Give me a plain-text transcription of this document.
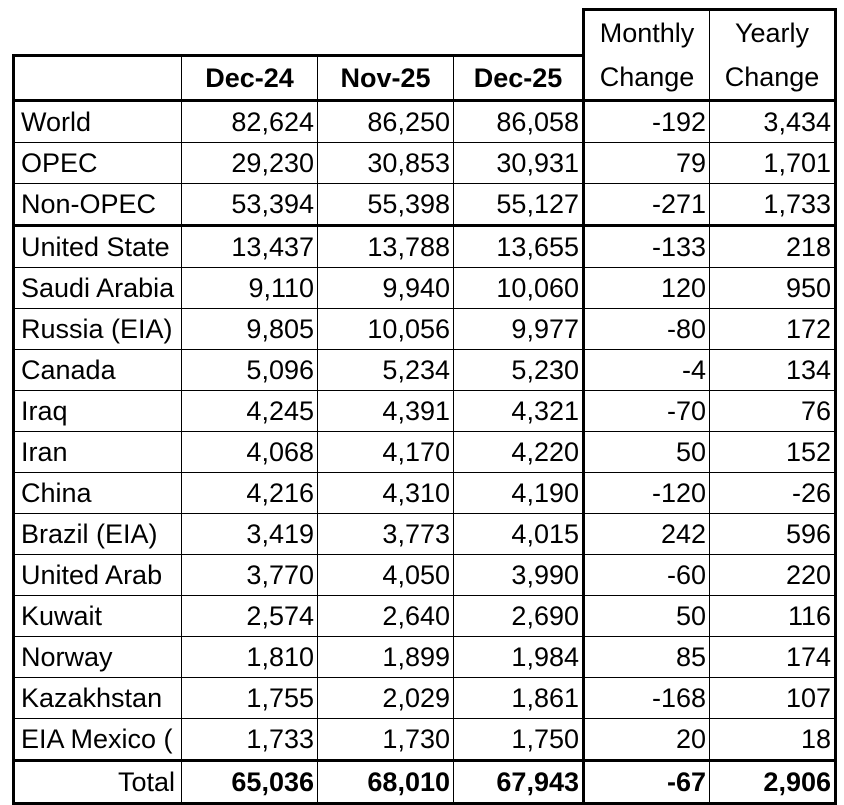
				Monthly	Yearly
	Dec-24	Nov-25	Dec-25	Change	Change
World	82,624	86,250	86,058	-192	3,434
OPEC	29,230	30,853	30,931	79	1,701
Non-OPEC	53,394	55,398	55,127	-271	1,733
United State	13,437	13,788	13,655	-133	218
Saudi Arabia	9,110	9,940	10,060	120	950
Russia (EIA)	9,805	10,056	9,977	-80	172
Canada	5,096	5,234	5,230	-4	134
Iraq	4,245	4,391	4,321	-70	76
Iran	4,068	4,170	4,220	50	152
China	4,216	4,310	4,190	-120	-26
Brazil (EIA)	3,419	3,773	4,015	242	596
United Arab	3,770	4,050	3,990	-60	220
Kuwait	2,574	2,640	2,690	50	116
Norway	1,810	1,899	1,984	85	174
Kazakhstan	1,755	2,029	1,861	-168	107
EIA Mexico (	1,733	1,730	1,750	20	18
Total	65,036	68,010	67,943	-67	2,906
